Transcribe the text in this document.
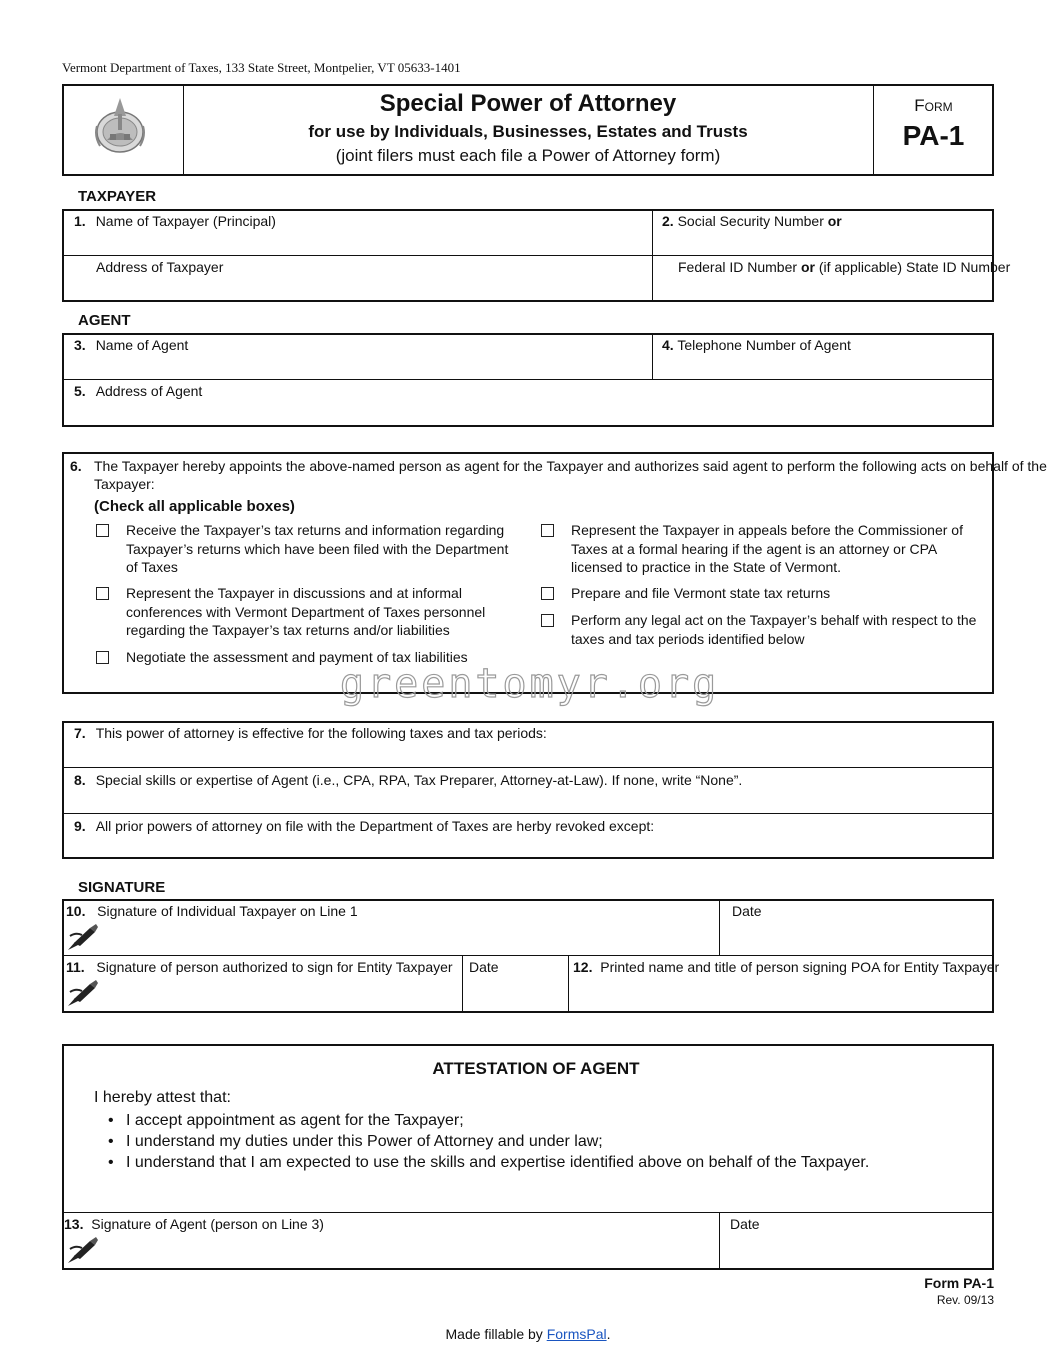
Vermont Department of Taxes, 133 State Street, Montpelier, VT 05633-1401
Special Power of Attorney
for use by Individuals, Businesses, Estates and Trusts
(joint filers must each file a Power of Attorney form)
Form
PA-1
TAXPAYER
1. Name of Taxpayer (Principal)	2. Social Security Number or
Address of Taxpayer	Federal ID Number or (if applicable) State ID Number
AGENT
3. Name of Agent	4. Telephone Number of Agent
5. Address of Agent
6. The Taxpayer hereby appoints the above-named person as agent for the Taxpayer and authorizes said agent to perform the following acts on behalf of the
Taxpayer:
(Check all applicable boxes)
Receive the Taxpayer’s tax returns and information regarding Taxpayer’s returns which have been filed with the Department of Taxes
Represent the Taxpayer in discussions and at informal conferences with Vermont Department of Taxes personnel regarding the Taxpayer’s tax returns and/or liabilities
Negotiate the assessment and payment of tax liabilities
Represent the Taxpayer in appeals before the Commissioner of Taxes at a formal hearing if the agent is an attorney or CPA licensed to practice in the State of Vermont.
Prepare and file Vermont state tax returns
Perform any legal act on the Taxpayer’s behalf with respect to the taxes and tax periods identified below
greentomyr.org
7. This power of attorney is effective for the following taxes and tax periods:
8. Special skills or expertise of Agent (i.e., CPA, RPA, Tax Preparer, Attorney-at-Law). If none, write “None”.
9. All prior powers of attorney on file with the Department of Taxes are herby revoked except:
SIGNATURE
10. Signature of Individual Taxpayer on Line 1	Date
11. Signature of person authorized to sign for Entity Taxpayer Date	12. Printed name and title of person signing POA for Entity Taxpayer
ATTESTATION OF AGENT
I hereby attest that:
• I accept appointment as agent for the Taxpayer;
• I understand my duties under this Power of Attorney and under law;
• I understand that I am expected to use the skills and expertise identified above on behalf of the Taxpayer.
13. Signature of Agent (person on Line 3)	Date
Form PA-1
Rev. 09/13
Made fillable by FormsPal.
